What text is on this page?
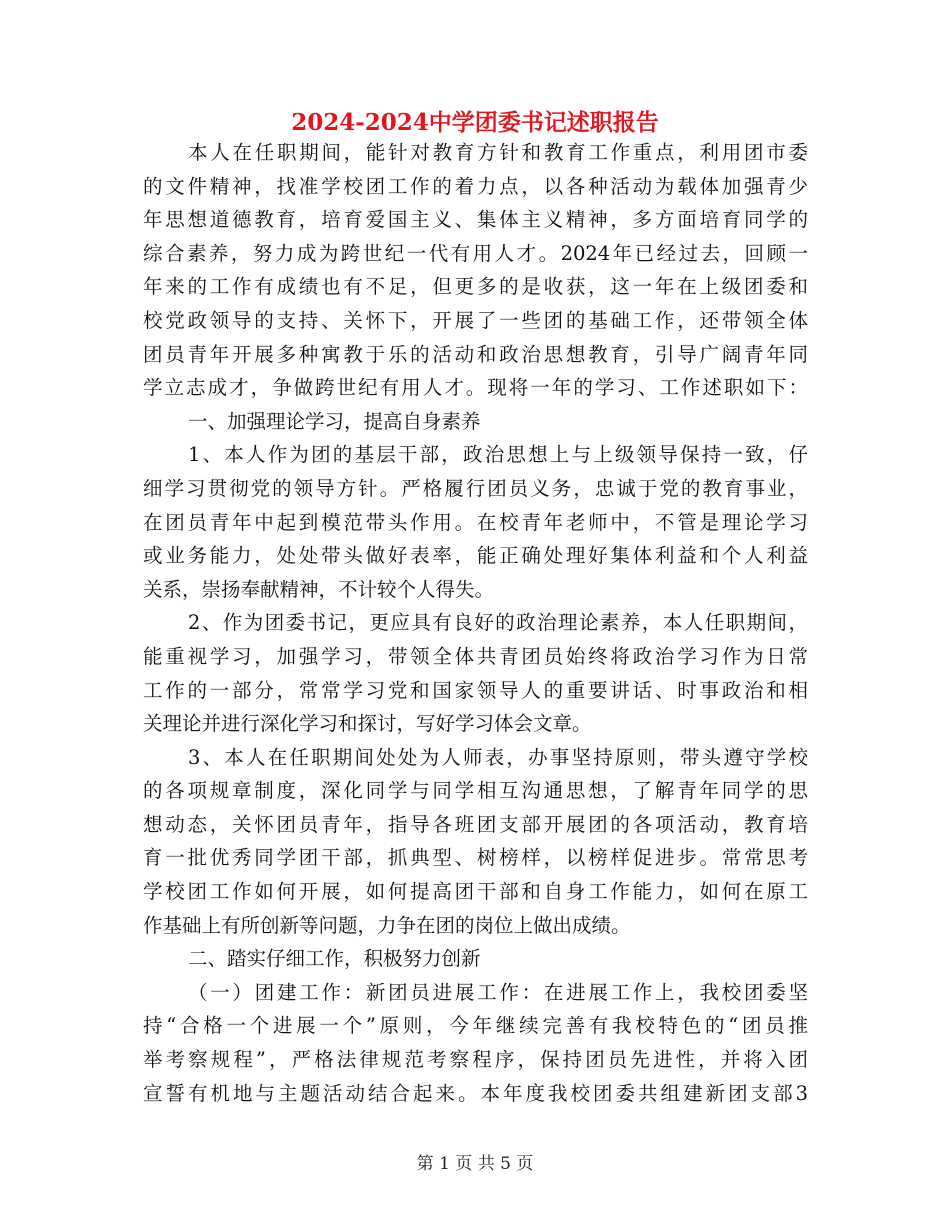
2024-2024中学团委书记述职报告
本人在任职期间，能针对教育方针和教育工作重点，利用团市委
的文件精神，找准学校团工作的着力点，以各种活动为载体加强青少
年思想道德教育，培育爱国主义、集体主义精神，多方面培育同学的
综合素养，努力成为跨世纪一代有用人才。2024年已经过去，回顾一
年来的工作有成绩也有不足，但更多的是收获，这一年在上级团委和
校党政领导的支持、关怀下，开展了一些团的基础工作，还带领全体
团员青年开展多种寓教于乐的活动和政治思想教育，引导广阔青年同
学立志成才，争做跨世纪有用人才。现将一年的学习、工作述职如下：
一、加强理论学习，提高自身素养
1、本人作为团的基层干部，政治思想上与上级领导保持一致，仔
细学习贯彻党的领导方针。严格履行团员义务，忠诚于党的教育事业，
在团员青年中起到模范带头作用。在校青年老师中，不管是理论学习
或业务能力，处处带头做好表率，能正确处理好集体利益和个人利益
关系，崇扬奉献精神，不计较个人得失。
2、作为团委书记，更应具有良好的政治理论素养，本人任职期间，
能重视学习，加强学习，带领全体共青团员始终将政治学习作为日常
工作的一部分，常常学习党和国家领导人的重要讲话、时事政治和相
关理论并进行深化学习和探讨，写好学习体会文章。
3、本人在任职期间处处为人师表，办事坚持原则，带头遵守学校
的各项规章制度，深化同学与同学相互沟通思想，了解青年同学的思
想动态，关怀团员青年，指导各班团支部开展团的各项活动，教育培
育一批优秀同学团干部，抓典型、树榜样，以榜样促进步。常常思考
学校团工作如何开展，如何提高团干部和自身工作能力，如何在原工
作基础上有所创新等问题，力争在团的岗位上做出成绩。
二、踏实仔细工作，积极努力创新
（一）团建工作：新团员进展工作：在进展工作上，我校团委坚
持“合格一个进展一个”原则，今年继续完善有我校特色的“团员推
举考察规程”，严格法律规范考察程序，保持团员先进性，并将入团
宣誓有机地与主题活动结合起来。本年度我校团委共组建新团支部3
第 1 页 共 5 页
